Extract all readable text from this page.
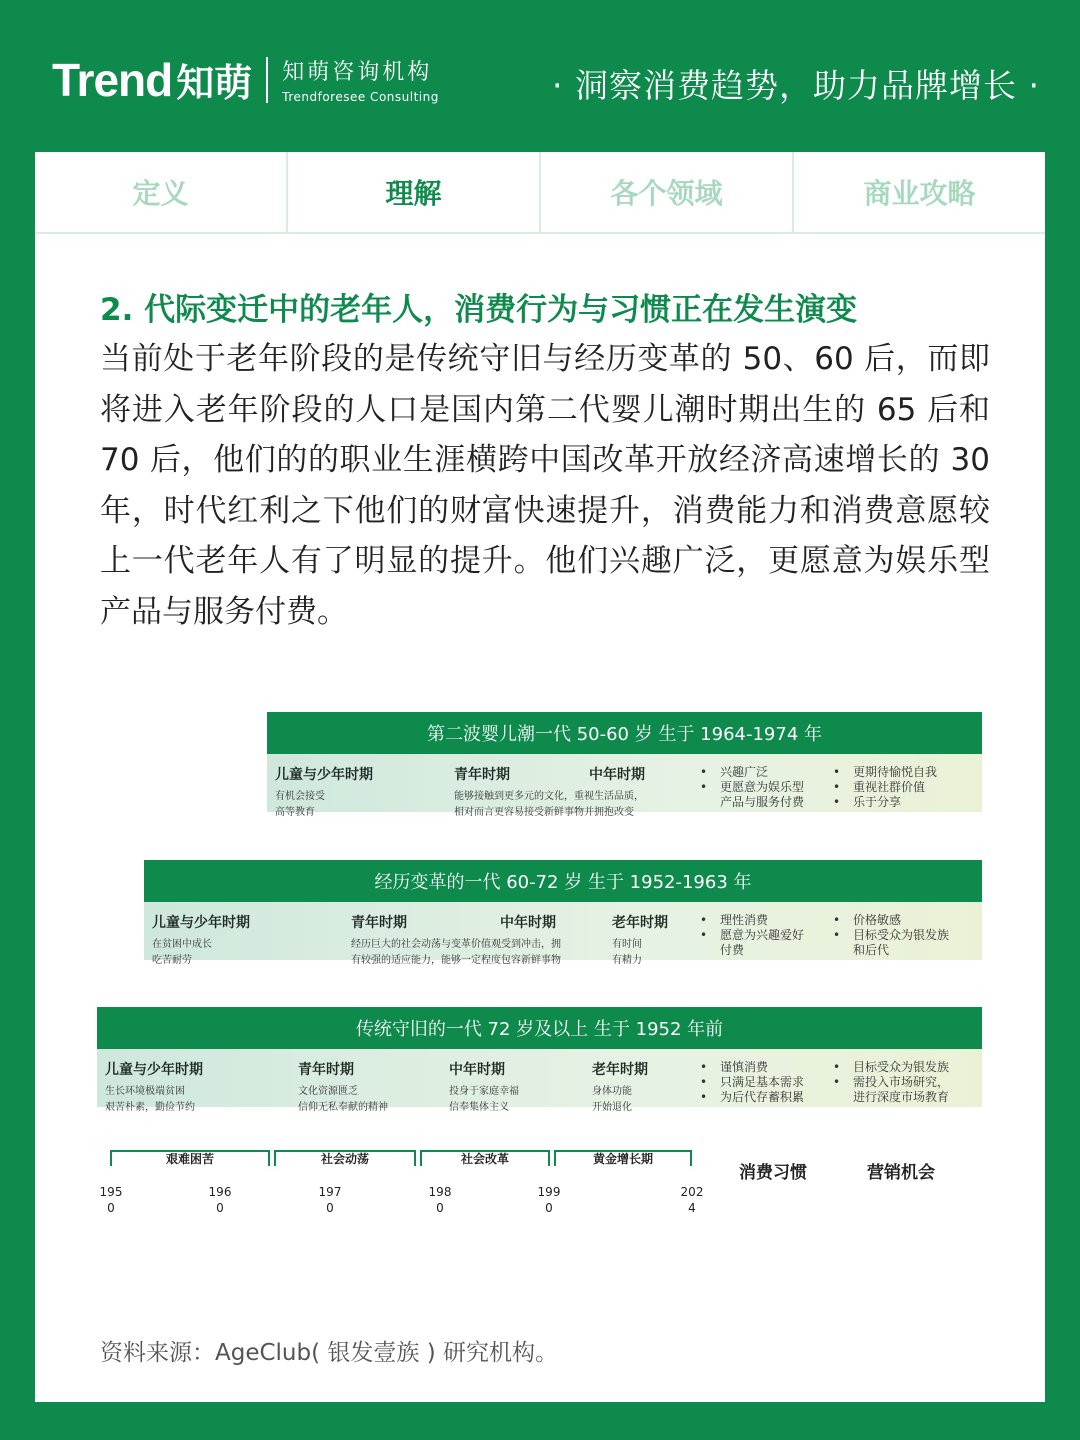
Trend 知萌 知萌咨询机构
Trendforesee Consulting	· 洞察消费趋势，助力品牌增长 ·
定义	理解	各个领域	商业攻略
2. 代际变迁中的老年人，消费行为与习惯正在发生演变
当前处于老年阶段的是传统守旧与经历变革的 50、60 后，而即将进入老年阶段的人口是国内第二代婴儿潮时期出生的 65 后和 70 后，他们的的职业生涯横跨中国改革开放经济高速增长的 30 年，时代红利之下他们的财富快速提升，消费能力和消费意愿较上一代老年人有了明显的提升。他们兴趣广泛，更愿意为娱乐型产品与服务付费。
第二波婴儿潮一代 50-60 岁 生于 1964-1974 年
儿童与少年时期
有机会接受
高等教育
青年时期
能够接触到更多元的文化，重视生活品质，
相对而言更容易接受新鲜事物并拥抱改变
中年时期
•	兴趣广泛
• 更愿意为娱乐型
产品与服务付费
• 更期待愉悦自我
• 重视社群价值
• 乐于分享
经历变革的一代 60-72 岁 生于 1952-1963 年
儿童与少年时期
在贫困中成长
吃苦耐劳
青年时期
经历巨大的社会动荡与变革价值观受到冲击，拥
有较强的适应能力，能够一定程度包容新鲜事物
中年时期	老年时期
有时间
有精力
• 理性消费
• 愿意为兴趣爱好
付费
• 价格敏感
• 目标受众为银发族
和后代
传统守旧的一代 72 岁及以上 生于 1952 年前
儿童与少年时期
生长环境极端贫困
艰苦朴素，勤俭节约
青年时期
文化资源匮乏
信仰无私奉献的精神
中年时期
投身于家庭幸福
信奉集体主义
老年时期
身体功能
开始退化
• 谨慎消费
• 只满足基本需求
• 为后代存蓄积累
• 目标受众为银发族
• 需投入市场研究，
进行深度市场教育
艰难困苦	社会动荡	社会改革	黄金增长期
195
0
196
0
197
0
198
0
199
0
202
4
消费习惯	营销机会
资料来源：AgeClub( 银发壹族 ) 研究机构。
